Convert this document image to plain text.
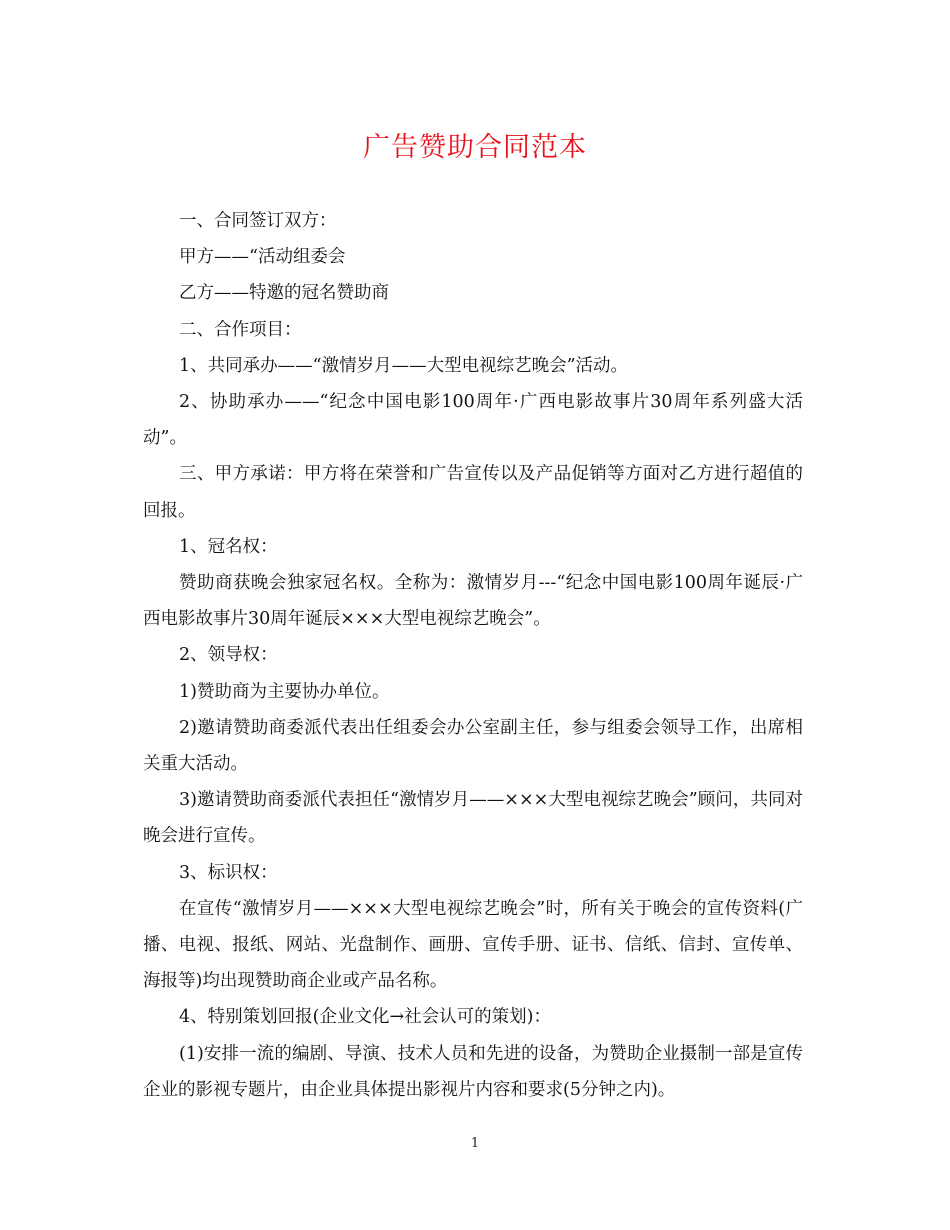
广告赞助合同范本

一、合同签订双方：

甲方——“活动组委会

乙方——特邀的冠名赞助商

二、合作项目：

1、共同承办——“激情岁月——大型电视综艺晚会”活动。

2、协助承办——“纪念中国电影100周年·广西电影故事片30周年系列盛大活动”。

三、甲方承诺：甲方将在荣誉和广告宣传以及产品促销等方面对乙方进行超值的回报。

1、冠名权：

赞助商获晚会独家冠名权。全称为：激情岁月---“纪念中国电影100周年诞辰·广西电影故事片30周年诞辰×××大型电视综艺晚会”。

2、领导权：

1)赞助商为主要协办单位。

2)邀请赞助商委派代表出任组委会办公室副主任，参与组委会领导工作，出席相关重大活动。

3)邀请赞助商委派代表担任“激情岁月——×××大型电视综艺晚会”顾问，共同对晚会进行宣传。

3、标识权：

在宣传“激情岁月——×××大型电视综艺晚会”时，所有关于晚会的宣传资料(广播、电视、报纸、网站、光盘制作、画册、宣传手册、证书、信纸、信封、宣传单、海报等)均出现赞助商企业或产品名称。

4、特别策划回报(企业文化→社会认可的策划)：

(1)安排一流的编剧、导演、技术人员和先进的设备，为赞助企业摄制一部是宣传企业的影视专题片，由企业具体提出影视片内容和要求(5分钟之内)。

1
